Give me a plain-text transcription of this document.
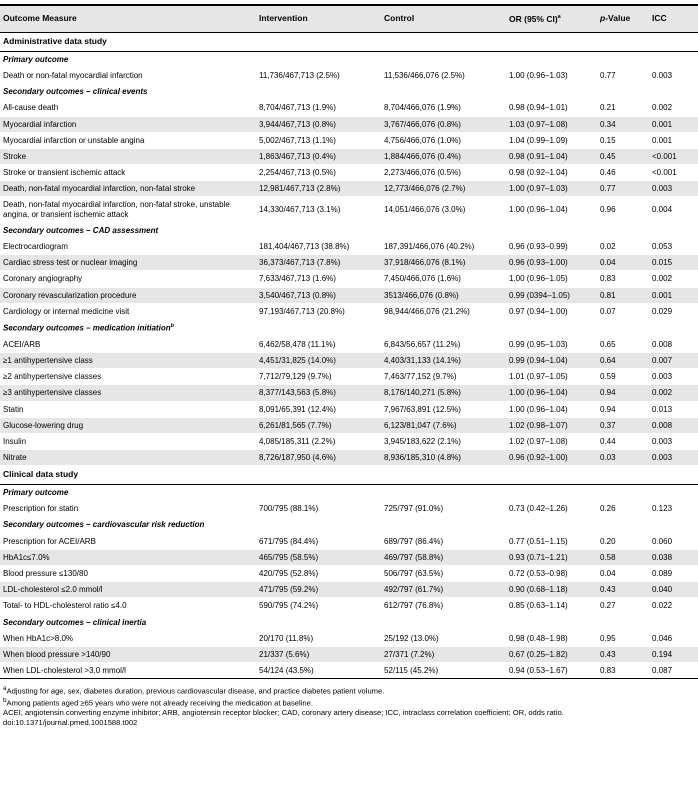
Outcome Measure	Intervention	Control	OR (95% CI)$^a$	p-Value	ICC
Administrative data study					
Primary outcome					
Death or non-fatal myocardial infarction	11,736/467,713 (2.5%)	11,536/466,076 (2.5%)	1.00 (0.96–1.03)	0.77	0.003
Secondary outcomes – clinical events					
All-cause death	8,704/467,713 (1.9%)	8,704/466,076 (1.9%)	0.98 (0.94–1.01)	0.21	0.002
Myocardial infarction	3,944/467,713 (0.8%)	3,767/466,076 (0.8%)	1.03 (0.97–1.08)	0.34	0.001
Myocardial infarction or unstable angina	5,002/467,713 (1.1%)	4,756/466,076 (1.0%)	1.04 (0.99–1.09)	0.15	0.001
Stroke	1,863/467,713 (0.4%)	1,884/466,076 (0.4%)	0.98 (0.91–1.04)	0.45	<0.001
Stroke or transient ischemic attack	2,254/467,713 (0.5%)	2,273/466,076 (0.5%)	0.98 (0.92–1.04)	0.46	<0.001
Death, non-fatal myocardial infarction, non-fatal stroke	12,981/467,713 (2.8%)	12,773/466,076 (2.7%)	1.00 (0.97–1.03)	0.77	0.003
Death, non-fatal myocardial infarction, non-fatal stroke, unstable angina, or transient ischemic attack	14,330/467,713 (3.1%)	14,051/466,076 (3.0%)	1.00 (0.96–1.04)	0.96	0.004
Secondary outcomes – CAD assessment					
Electrocardiogram	181,404/467,713 (38.8%)	187,391/466,076 (40.2%)	0.96 (0.93–0.99)	0.02	0.053
Cardiac stress test or nuclear imaging	36,373/467,713 (7.8%)	37,918/466,076 (8.1%)	0.96 (0.93–1.00)	0.04	0.015
Coronary angiography	7,633/467,713 (1.6%)	7,450/466,076 (1.6%)	1.00 (0.96–1.05)	0.83	0.002
Coronary revascularization procedure	3,540/467,713 (0.8%)	3513/466,076 (0.8%)	0.99 (0394–1.05)	0.81	0.001
Cardiology or internal medicine visit	97,193/467,713 (20.8%)	98,944/466,076 (21.2%)	0.97 (0.94–1.00)	0.07	0.029
Secondary outcomes – medication initiation$^b$
ACEI/ARB	6,462/58,478 (11.1%)	6,843/56,657 (11.2%)	0.99 (0.95–1.03)	0.65	0.008
≥1 antihypertensive class	4,451/31,825 (14.0%)	4,403/31,133 (14.1%)	0.99 (0.94–1.04)	0.64	0.007
≥2 antihypertensive classes	7,712/79,129 (9.7%)	7,463/77,152 (9.7%)	1.01 (0.97–1.05)	0.59	0.003
≥3 antihypertensive classes	8,377/143,563 (5.8%)	8,176/140,271 (5.8%)	1.00 (0.96–1.04)	0.94	0.002
Statin	8,091/65,391 (12.4%)	7,967/63,891 (12.5%)	1.00 (0.96–1.04)	0.94	0.013
Glucose-lowering drug	6,261/81,565 (7.7%)	6,123/81,047 (7.6%)	1.02 (0.98–1.07)	0.37	0.008
Insulin	4,085/185,311 (2.2%)	3,945/183,622 (2.1%)	1.02 (0.97–1.08)	0.44	0.003
Nitrate	8,726/187,950 (4.6%)	8,936/185,310 (4.8%)	0.96 (0.92–1.00)	0.03	0.003
Clinical data study					
Primary outcome					
Prescription for statin	700/795 (88.1%)	725/797 (91.0%)	0.73 (0.42–1.26)	0.26	0.123
Secondary outcomes – cardiovascular risk reduction					
Prescription for ACEI/ARB	671/795 (84.4%)	689/797 (86.4%)	0.77 (0.51–1.15)	0.20	0.060
HbA1c≤7.0%	465/795 (58.5%)	469/797 (58.8%)	0.93 (0.71–1.21)	0.58	0.038
Blood pressure ≤130/80	420/795 (52.8%)	506/797 (63.5%)	0.72 (0.53–0.98)	0.04	0.089
LDL-cholesterol ≤2.0 mmol/l	471/795 (59.2%)	492/797 (61.7%)	0.90 (0.68–1.18)	0.43	0.040
Total- to HDL-cholesterol ratio ≤4.0	590/795 (74.2%)	612/797 (76.8%)	0.85 (0.63–1.14)	0.27	0.022
Secondary outcomes – clinical inertia					
When HbA1c>8.0%	20/170 (11.8%)	25/192 (13.0%)	0.98 (0.48–1.98)	0.95	0.046
When blood pressure >140/90	21/337 (5.6%)	27/371 (7.2%)	0.67 (0.25–1.82)	0.43	0.194
When LDL-cholesterol >3.0 mmol/l	54/124 (43.5%)	52/115 (45.2%)	0.94 (0.53–1.67)	0.83	0.087
$^a$Adjusting for age, sex, diabetes duration, previous cardiovascular disease, and practice diabetes patient volume.
$^b$Among patients aged ≥65 years who were not already receiving the medication at baseline.
ACEI, angiotensin converting enzyme inhibitor; ARB, angiotensin receptor blocker; CAD, coronary artery disease; ICC, intraclass correlation coefficient; OR, odds ratio.
doi:10.1371/journal.pmed.1001588.t002
